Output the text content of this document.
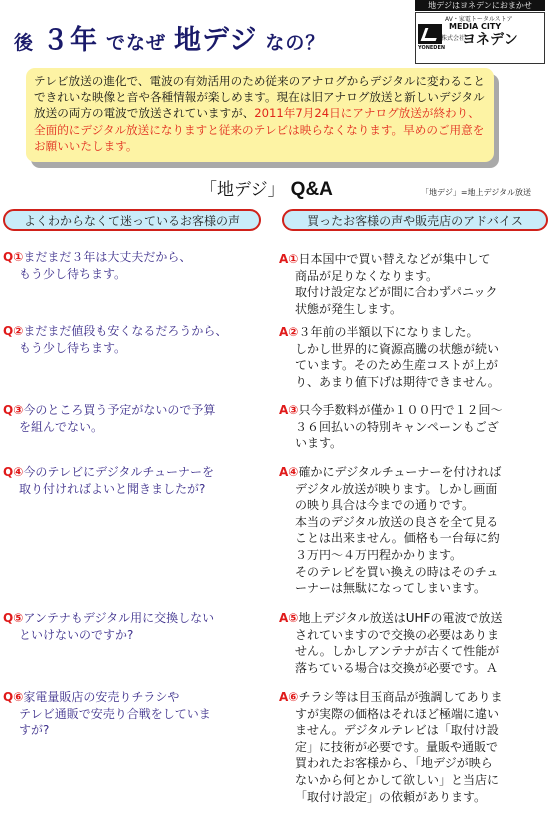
後 ３年 でなぜ 地デジ なの？
地デジはヨネデンにおまかせ
AV・家電トータルストア
MEDIA CITY
株式会社
ヨネデン
YONEDEN
テレビ放送の進化で、電波の有効活用のため従来のアナログからデジタルに変わることできれいな映像と音や各種情報が楽しめます。現在は旧アナログ放送と新しいデジタル放送の両方の電波で放送されていますが、2011年7月24日にアナログ放送が終わり、全面的にデジタル放送になりますと従来のテレビは映らなくなります。早めのご用意をお願いいたします。
「地デジ」 Q&A	「地デジ」=地上デジタル放送
よくわからなくて迷っているお客様の声	買ったお客様の声や販売店のアドバイス
Q①まだまだ３年は大丈夫だから、
もう少し待ちます。
A①日本国中で買い替えなどが集中して
商品が足りなくなります。
取付け設定などが間に合わずパニック
状態が発生します。
Q②まだまだ値段も安くなるだろうから、
もう少し待ちます。
A②３年前の半額以下になりました。
しかし世界的に資源高騰の状態が続い
ています。そのため生産コストが上が
り、あまり値下げは期待できません。
Q③今のところ買う予定がないので予算
を組んでない。
A③只今手数料が僅か１００円で１２回～
３６回払いの特別キャンペーンもござ
います。
Q④今のテレビにデジタルチューナーを
取り付ければよいと聞きましたが?
A④確かにデジタルチューナーを付ければ
デジタル放送が映ります。しかし画面
の映り具合は今までの通りです。
本当のデジタル放送の良さを全て見る
ことは出来ません。価格も一台毎に約
３万円～４万円程かかります。
そのテレビを買い換えの時はそのチュ
ーナーは無駄になってしまいます。
Q⑤アンテナもデジタル用に交換しない
といけないのですか?
A⑤地上デジタル放送はUHFの電波で放送
されていますので交換の必要はありま
せん。しかしアンテナが古くて性能が
落ちている場合は交換が必要です。Ａ
Q⑥家電量販店の安売りチラシや
テレビ通販で安売り合戦をしていま
すが?
A⑥チラシ等は目玉商品が強調してありま
すが実際の価格はそれほど極端に違い
ません。デジタルテレビは「取付け設
定」に技術が必要です。量販や通販で
買われたお客様から、「地デジが映ら
ないから何とかして欲しい」と当店に
「取付け設定」の依頼があります。
